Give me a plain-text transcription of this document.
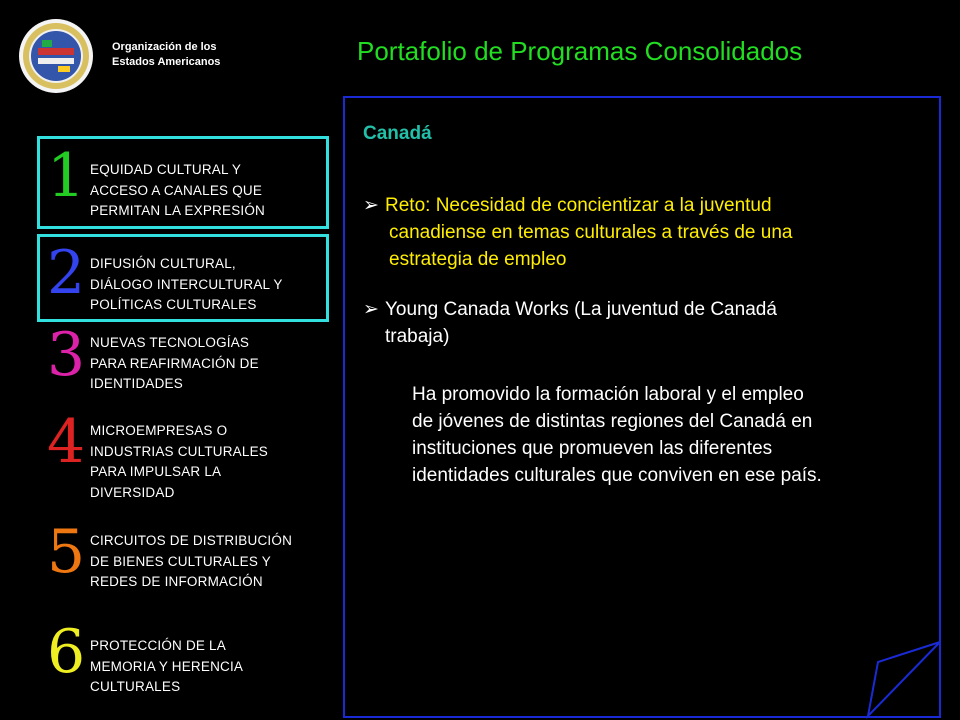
Organización de los
Estados Americanos	Portafolio de Programas Consolidados
1 EQUIDAD CULTURAL Y
ACCESO A CANALES QUE
PERMITAN LA EXPRESIÓN
2 DIFUSIÓN CULTURAL,
DIÁLOGO INTERCULTURAL Y
POLÍTICAS CULTURALES
3 NUEVAS TECNOLOGÍAS
PARA REAFIRMACIÓN DE
IDENTIDADES
4 MICROEMPRESAS O
INDUSTRIAS CULTURALES
PARA IMPULSAR LA
DIVERSIDAD
5 CIRCUITOS DE DISTRIBUCIÓN
DE BIENES CULTURALES Y
REDES DE INFORMACIÓN
6 PROTECCIÓN DE LA
MEMORIA Y HERENCIA
CULTURALES
Canadá
➢ Reto: Necesidad de concientizar a la juventud
canadiense en temas culturales a través de una
estrategia de empleo
➢ Young Canada Works (La juventud de Canadá
trabaja)
Ha promovido la formación laboral y el empleo
de jóvenes de distintas regiones del Canadá en
instituciones que promueven las diferentes
identidades culturales que conviven en ese país.
